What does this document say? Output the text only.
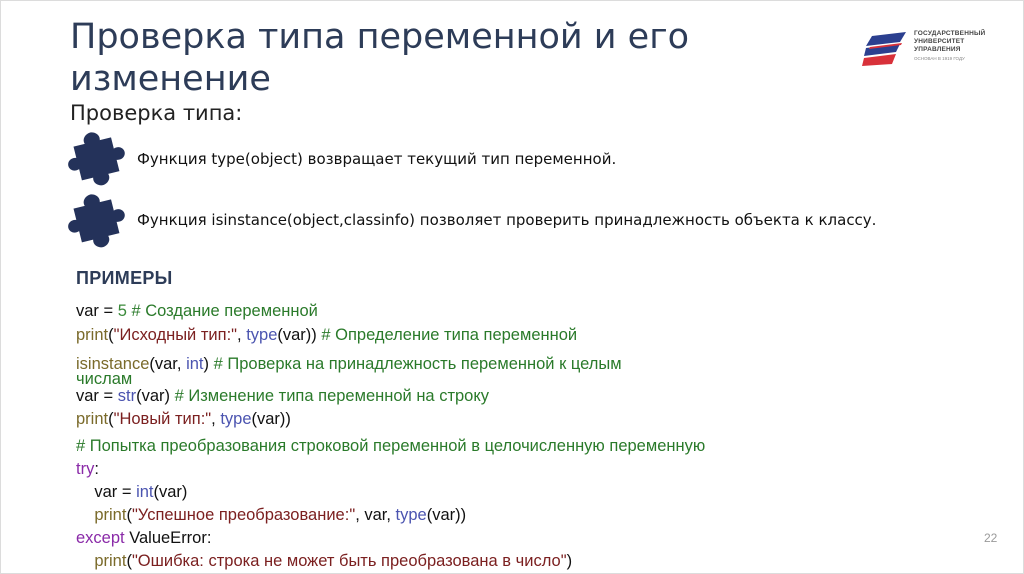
Проверка типа переменной и его
изменение
ГОСУДАРСТВЕННЫЙ
УНИВЕРСИТЕТ
УПРАВЛЕНИЯ
ОСНОВАН В 1919 ГОДУ
Проверка типа:
Функция type(object) возвращает текущий тип переменной.
Функция isinstance(object,classinfo) позволяет проверить принадлежность объекта к классу.
ПРИМЕРЫ
var = 5 # Создание переменной
print("Исходный тип:", type(var)) # Определение типа переменной
isinstance(var, int) # Проверка на принадлежность переменной к целым
числам
var = str(var) # Изменение типа переменной на строку
print("Новый тип:", type(var))
# Попытка преобразования строковой переменной в целочисленную переменную
try:
var = int(var)
print("Успешное преобразование:", var, type(var))
except ValueError:
print("Ошибка: строка не может быть преобразована в число")
22
